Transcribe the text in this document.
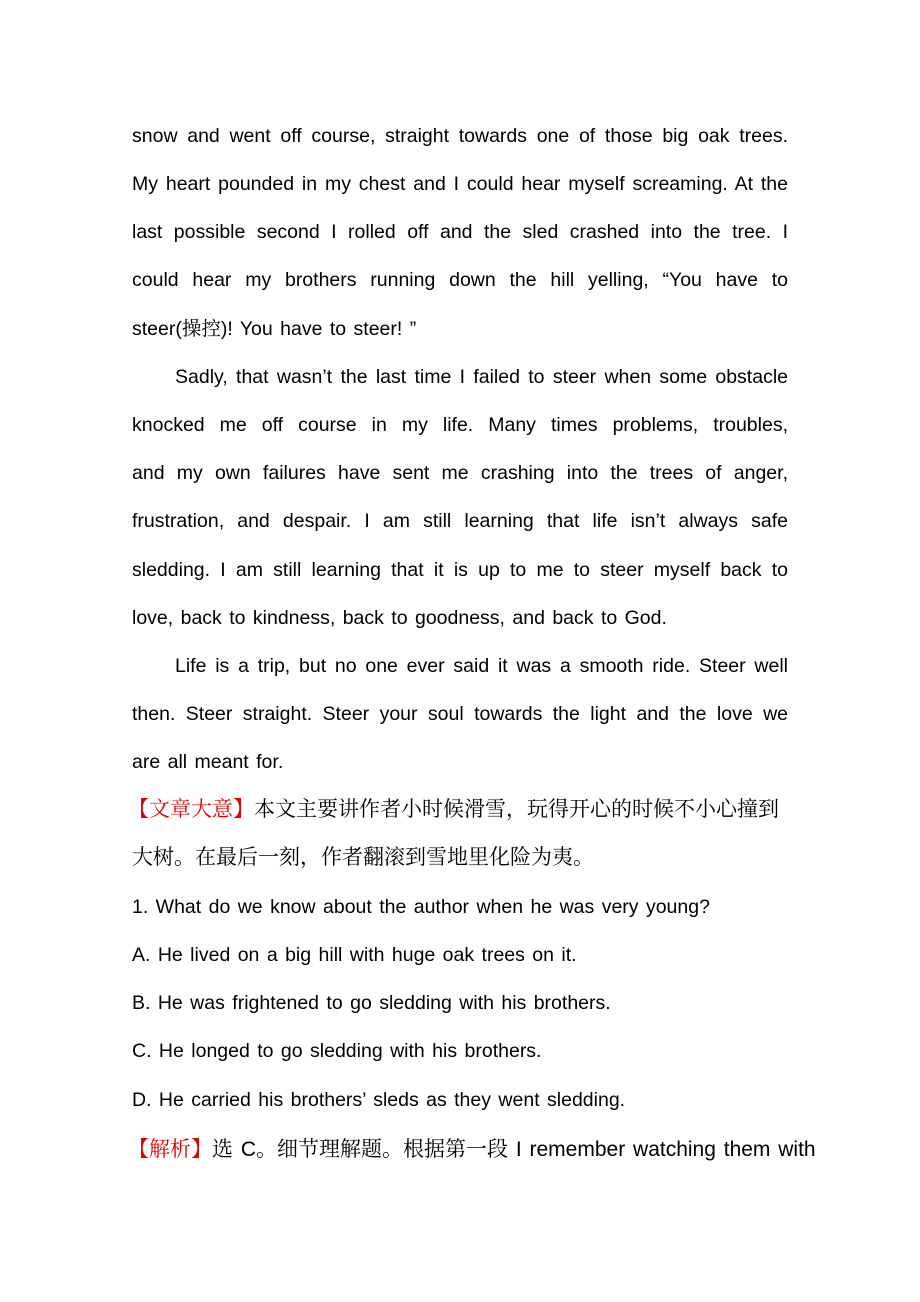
snow and went off course, straight towards one of those big oak trees.
My heart pounded in my chest and I could hear myself screaming. At the
last possible second I rolled off and the sled crashed into the tree. I
could hear my brothers running down the hill yelling, “You have to
steer(操控)! You have to steer! ”
Sadly, that wasn’t the last time I failed to steer when some obstacle
knocked me off course in my life. Many times problems, troubles,
and my own failures have sent me crashing into the trees of anger,
frustration, and despair. I am still learning that life isn’t always safe
sledding. I am still learning that it is up to me to steer myself back to
love, back to kindness, back to goodness, and back to God.
Life is a trip, but no one ever said it was a smooth ride. Steer well
then. Steer straight. Steer your soul towards the light and the love we
are all meant for.
【文章大意】本文主要讲作者小时候滑雪，玩得开心的时候不小心撞到
大树。在最后一刻，作者翻滚到雪地里化险为夷。
1. What do we know about the author when he was very young?
A. He lived on a big hill with huge oak trees on it.
B. He was frightened to go sledding with his brothers.
C. He longed to go sledding with his brothers.
D. He carried his brothers’ sleds as they went sledding.
【解析】选 C。细节理解题。根据第一段 I remember watching them with
